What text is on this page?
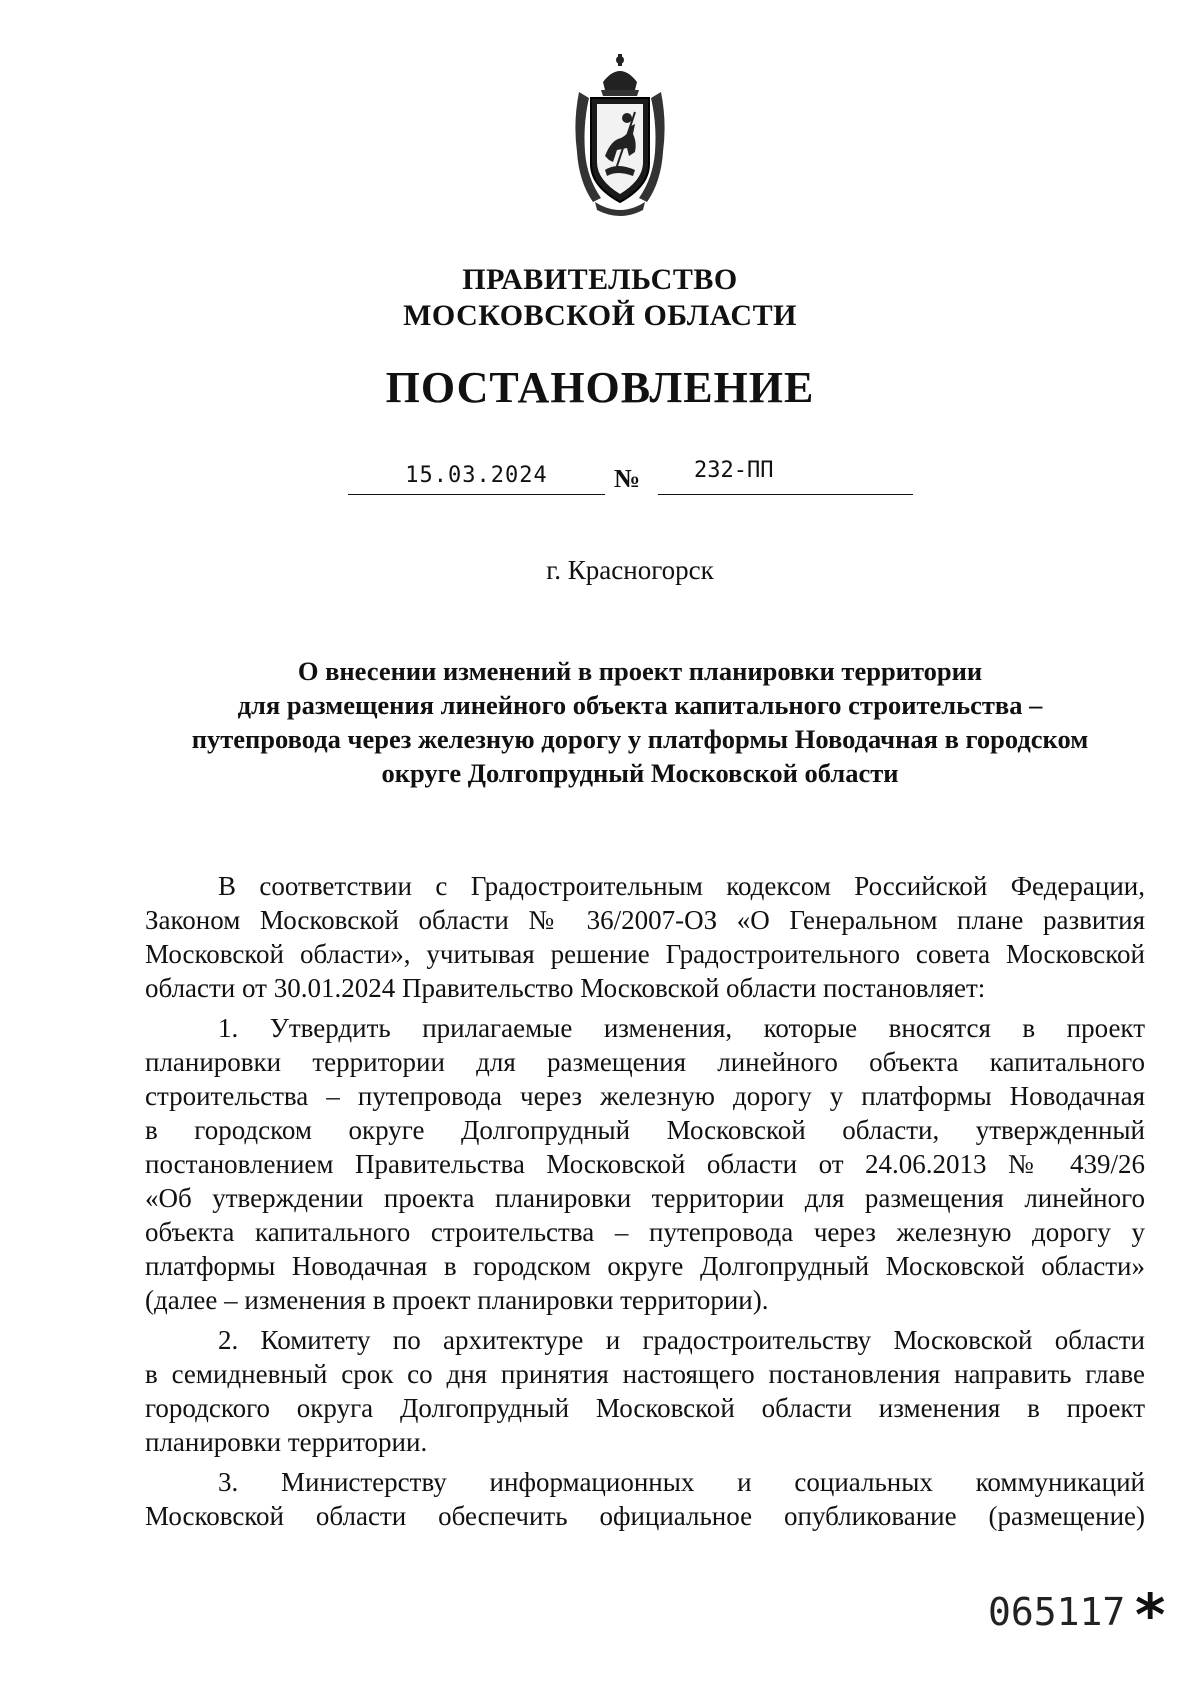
ПРАВИТЕЛЬСТВО
МОСКОВСКОЙ ОБЛАСТИ
ПОСТАНОВЛЕНИЕ
15.03.2024	№	232-ПП
г. Красногорск
О внесении изменений в проект планировки территории
для размещения линейного объекта капитального строительства –
путепровода через железную дорогу у платформы Новодачная в городском
округе Долгопрудный Московской области
В соответствии с Градостроительным кодексом Российской Федерации,
Законом Московской области № 36/2007-ОЗ «О Генеральном плане развития
Московской области», учитывая решение Градостроительного совета Московской
области от 30.01.2024 Правительство Московской области постановляет:
1. Утвердить прилагаемые изменения, которые вносятся в проект
планировки территории для размещения линейного объекта капитального
строительства – путепровода через железную дорогу у платформы Новодачная
в городском округе Долгопрудный Московской области, утвержденный
постановлением Правительства Московской области от 24.06.2013 № 439/26
«Об утверждении проекта планировки территории для размещения линейного
объекта капитального строительства – путепровода через железную дорогу у
платформы Новодачная в городском округе Долгопрудный Московской области»
(далее – изменения в проект планировки территории).
2. Комитету по архитектуре и градостроительству Московской области
в семидневный срок со дня принятия настоящего постановления направить главе
городского округа Долгопрудный Московской области изменения в проект
планировки территории.
3. Министерству информационных и социальных коммуникаций
Московской области обеспечить официальное опубликование (размещение)
065117 *
